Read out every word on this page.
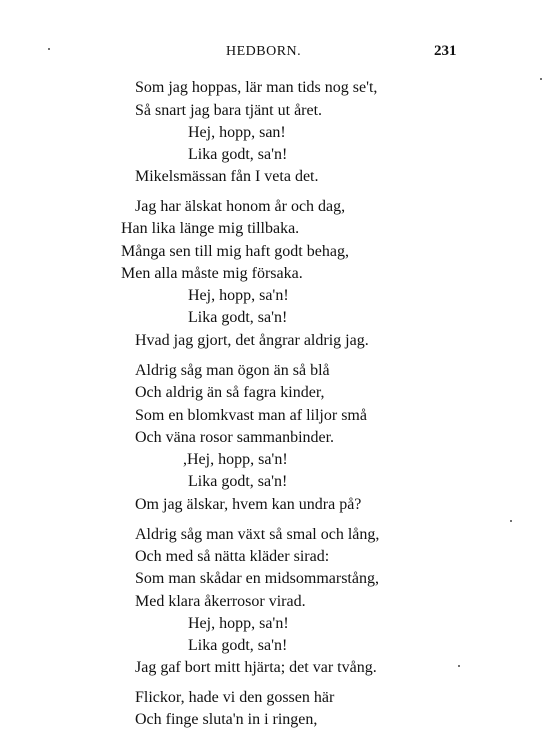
HEDBORN.	231
Som jag hoppas, lär man tids nog se't,
Så snart jag bara tjänt ut året.
Hej, hopp, san!
Lika godt, sa'n!
Mikelsmässan fån I veta det.
Jag har älskat honom år och dag,
Han lika länge mig tillbaka.
Många sen till mig haft godt behag,
Men alla måste mig försaka.
Hej, hopp, sa'n!
Lika godt, sa'n!
Hvad jag gjort, det ångrar aldrig jag.
Aldrig såg man ögon än så blå
Och aldrig än så fagra kinder,
Som en blomkvast man af liljor små
Och väna rosor sammanbinder.
,Hej, hopp, sa'n!
Lika godt, sa'n!
Om jag älskar, hvem kan undra på?
Aldrig såg man växt så smal och lång,
Och med så nätta kläder sirad:
Som man skådar en midsommarstång,
Med klara åkerrosor virad.
Hej, hopp, sa'n!
Lika godt, sa'n!
Jag gaf bort mitt hjärta; det var tvång.
Flickor, hade vi den gossen här
Och finge sluta'n in i ringen,
